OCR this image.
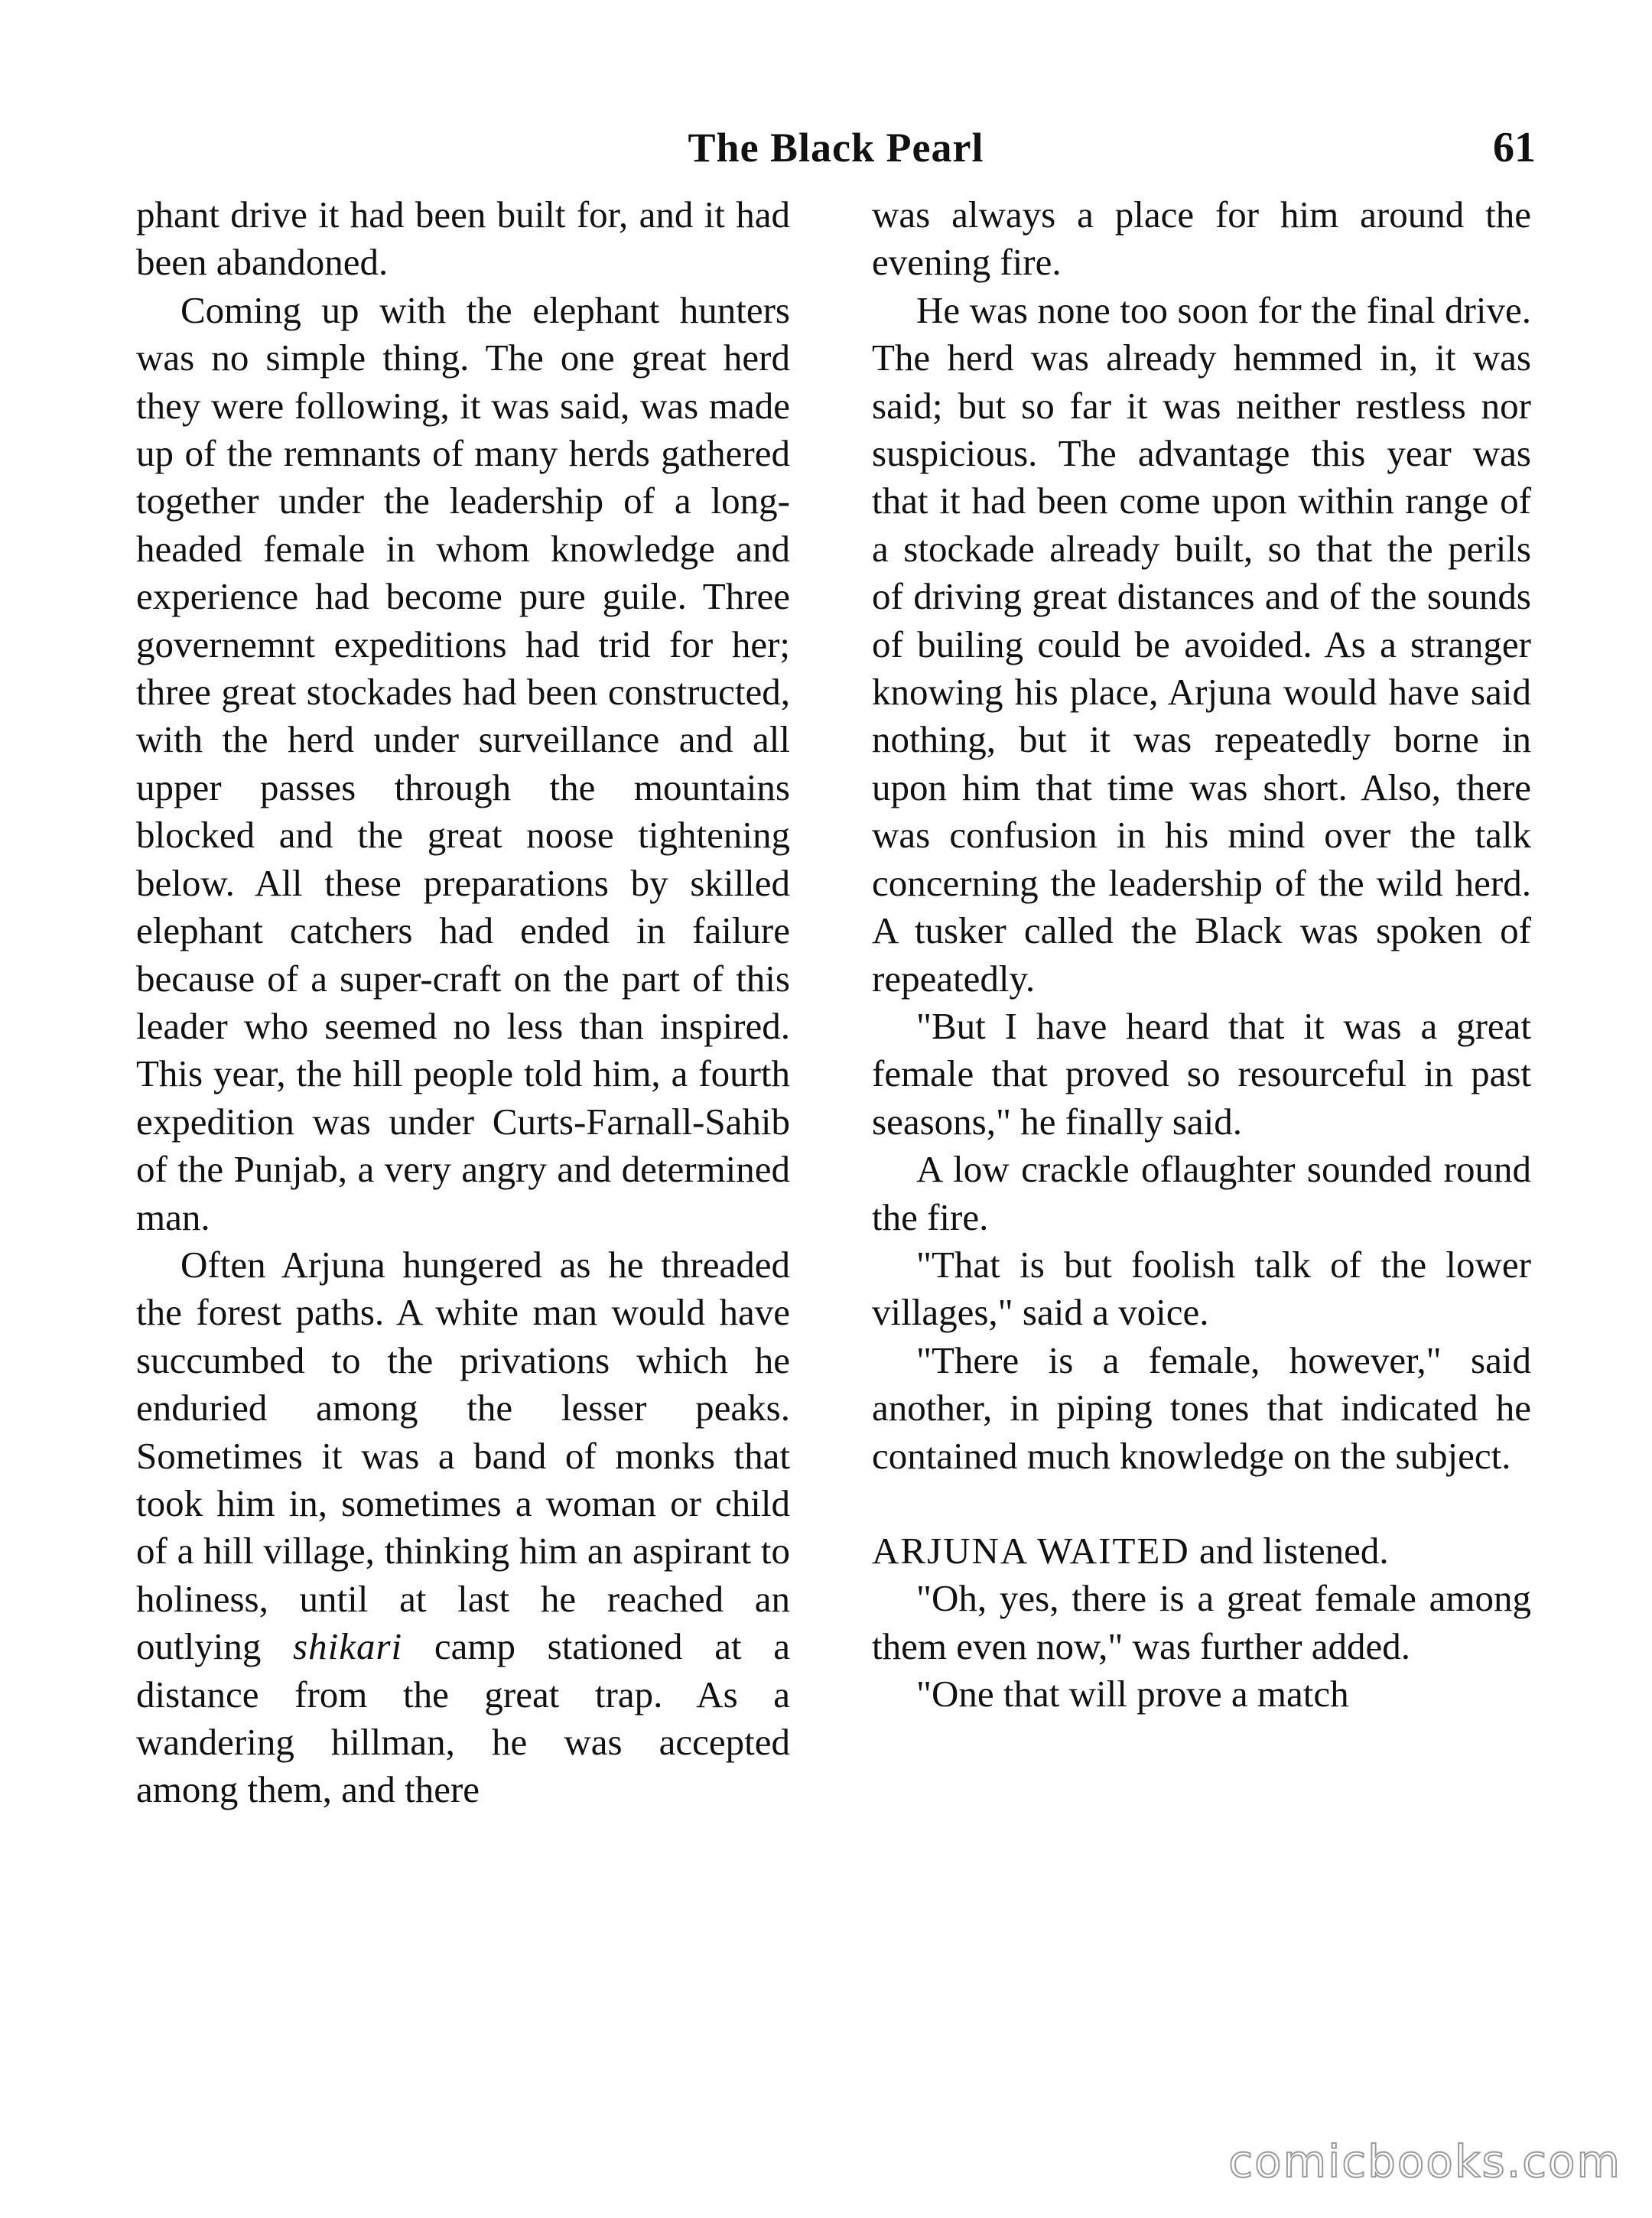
The Black Pearl	61

phant drive it had been built for, and it had been abandoned.

Coming up with the elephant hunters was no simple thing. The one great herd they were following, it was said, was made up of the remnants of many herds gathered together under the leadership of a long-headed female in whom knowledge and experience had become pure guile. Three governemnt expeditions had trid for her; three great stockades had been constructed, with the herd under surveillance and all upper passes through the mountains blocked and the great noose tightening below. All these preparations by skilled elephant catchers had ended in failure because of a super-craft on the part of this leader who seemed no less than inspired. This year, the hill people told him, a fourth expedition was under Curts-Farnall-Sahib of the Punjab, a very angry and determined man.

Often Arjuna hungered as he threaded the forest paths. A white man would have succumbed to the privations which he enduried among the lesser peaks. Sometimes it was a band of monks that took him in, sometimes a woman or child of a hill village, thinking him an aspirant to holiness, until at last he reached an outlying shikari camp stationed at a distance from the great trap. As a wandering hillman, he was accepted among them, and there

was always a place for him around the evening fire.

He was none too soon for the final drive. The herd was already hemmed in, it was said; but so far it was neither restless nor suspicious. The advantage this year was that it had been come upon within range of a stockade already built, so that the perils of driving great distances and of the sounds of builing could be avoided. As a stranger knowing his place, Arjuna would have said nothing, but it was repeatedly borne in upon him that time was short. Also, there was confusion in his mind over the talk concerning the leadership of the wild herd. A tusker called the Black was spoken of repeatedly.

"But I have heard that it was a great female that proved so resourceful in past seasons," he finally said.

A low crackle oflaughter sounded round the fire.

"That is but foolish talk of the lower villages," said a voice.

"There is a female, however," said another, in piping tones that indicated he contained much knowledge on the subject.

ARJUNA WAITED and listened.

"Oh, yes, there is a great female among them even now," was further added.

"One that will prove a match

comicbooks.com
